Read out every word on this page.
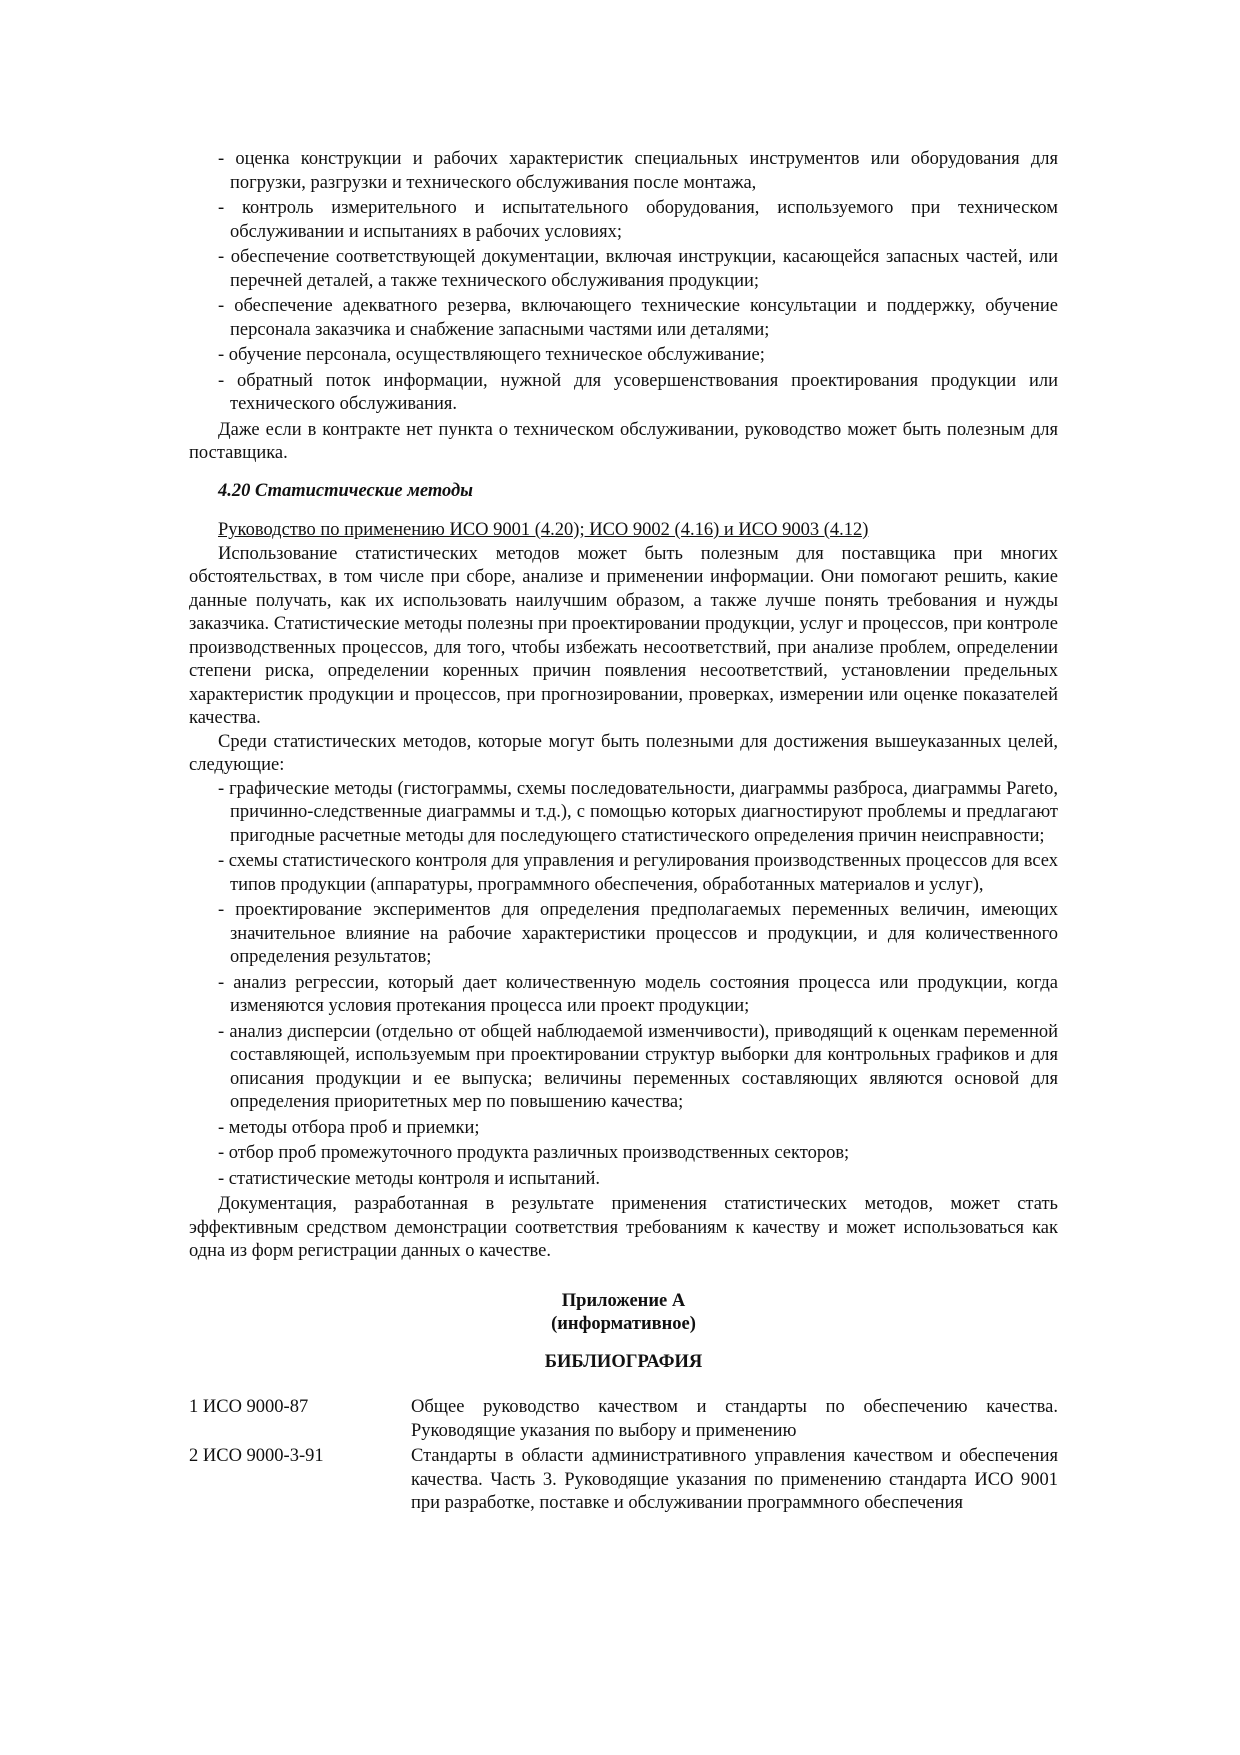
- оценка конструкции и рабочих характеристик специальных инструментов или оборудования для погрузки, разгрузки и технического обслуживания после монтажа,
- контроль измерительного и испытательного оборудования, используемого при техническом обслуживании и испытаниях в рабочих условиях;
- обеспечение соответствующей документации, включая инструкции, касающейся запасных частей, или перечней деталей, а также технического обслуживания продукции;
- обеспечение адекватного резерва, включающего технические консультации и поддержку, обучение персонала заказчика и снабжение запасными частями или деталями;
- обучение персонала, осуществляющего техническое обслуживание;
- обратный поток информации, нужной для усовершенствования проектирования продукции или технического обслуживания.

Даже если в контракте нет пункта о техническом обслуживании, руководство может быть полезным для поставщика.

4.20 Статистические методы
Руководство по применению ИСО 9001 (4.20); ИСО 9002 (4.16) и ИСО 9003 (4.12)

Использование статистических методов может быть полезным для поставщика при многих обстоятельствах, в том числе при сборе, анализе и применении информации. Они помогают решить, какие данные получать, как их использовать наилучшим образом, а также лучше понять требования и нужды заказчика. Статистические методы полезны при проектировании продукции, услуг и процессов, при контроле производственных процессов, для того, чтобы избежать несоответствий, при анализе проблем, определении степени риска, определении коренных причин появления несоответствий, установлении предельных характеристик продукции и процессов, при прогнозировании, проверках, измерении или оценке показателей качества.

Среди статистических методов, которые могут быть полезными для достижения вышеуказанных целей, следующие:

- графические методы (гистограммы, схемы последовательности, диаграммы разброса, диаграммы Pareto, причинно-следственные диаграммы и т.д.), с помощью которых диагностируют проблемы и предлагают пригодные расчетные методы для последующего статистического определения причин неисправности;
- схемы статистического контроля для управления и регулирования производственных процессов для всех типов продукции (аппаратуры, программного обеспечения, обработанных материалов и услуг),
- проектирование экспериментов для определения предполагаемых переменных величин, имеющих значительное влияние на рабочие характеристики процессов и продукции, и для количественного определения результатов;
- анализ регрессии, который дает количественную модель состояния процесса или продукции, когда изменяются условия протекания процесса или проект продукции;
- анализ дисперсии (отдельно от общей наблюдаемой изменчивости), приводящий к оценкам переменной составляющей, используемым при проектировании структур выборки для контрольных графиков и для описания продукции и ее выпуска; величины переменных составляющих являются основой для определения приоритетных мер по повышению качества;
- методы отбора проб и приемки;
- отбор проб промежуточного продукта различных производственных секторов;
- статистические методы контроля и испытаний.

Документация, разработанная в результате применения статистических методов, может стать эффективным средством демонстрации соответствия требованиям к качеству и может использоваться как одна из форм регистрации данных о качестве.

Приложение А

(информативное)

БИБЛИОГРАФИЯ

1 ИСО 9000-87	Общее руководство качеством и стандарты по обеспечению качества. Руководящие указания по выбору и применению
2 ИСО 9000-3-91	Стандарты в области административного управления качеством и обеспечения качества. Часть 3. Руководящие указания по применению стандарта ИСО 9001 при разработке, поставке и обслуживании программного обеспечения
